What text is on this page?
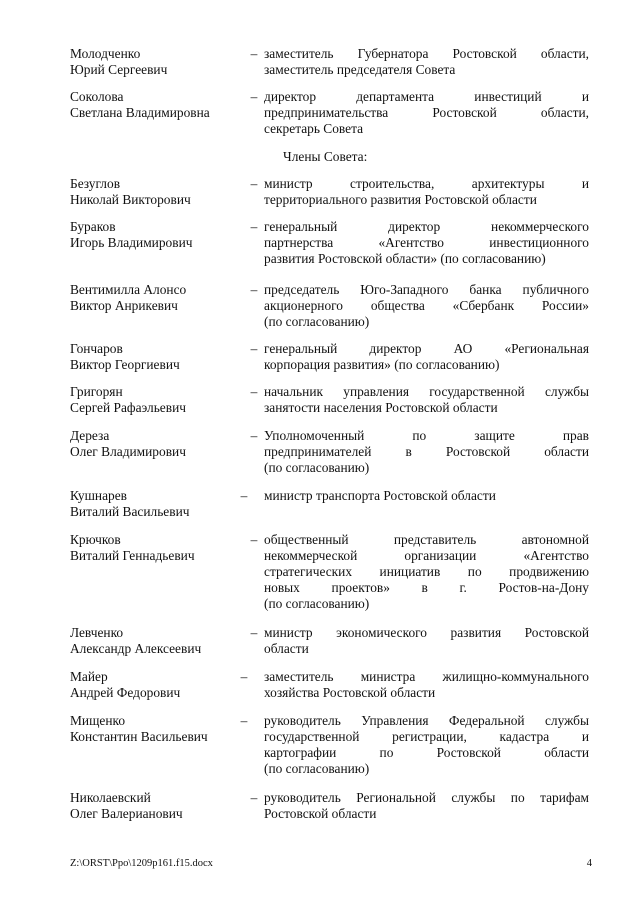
Молодченко
Юрий Сергеевич
– заместитель Губернатора Ростовской области,
заместитель председателя Совета
Соколова
Светлана Владимировна
– директор департамента инвестиций и
предпринимательства Ростовской области,
секретарь Совета
Безуглов
Николай Викторович
– министр строительства, архитектуры и
территориального развития Ростовской области
Бураков
Игорь Владимирович
– генеральный директор некоммерческого
партнерства «Агентство инвестиционного
развития Ростовской области» (по согласованию)
Вентимилла Алонсо
Виктор Анрикевич
– председатель Юго-Западного банка публичного
акционерного общества «Сбербанк России»
(по согласованию)
Гончаров
Виктор Георгиевич
– генеральный директор АО «Региональная
корпорация развития» (по согласованию)
Григорян
Сергей Рафаэльевич
– начальник управления государственной службы
занятости населения Ростовской области
Дереза
Олег Владимирович
– Уполномоченный по защите прав
предпринимателей в Ростовской области
(по согласованию)
Кушнарев
Виталий Васильевич
– министр транспорта Ростовской области
Крючков
Виталий Геннадьевич
– общественный представитель автономной
некоммерческой организации «Агентство
стратегических инициатив по продвижению
новых проектов» в г. Ростов-на-Дону
(по согласованию)
Левченко
Александр Алексеевич
– министр экономического развития Ростовской
области
Майер
Андрей Федорович
– заместитель министра жилищно-коммунального
хозяйства Ростовской области
Мищенко
Константин Васильевич
– руководитель Управления Федеральной службы
государственной регистрации, кадастра и
картографии по Ростовской области
(по согласованию)
Николаевский
Олег Валерианович
– руководитель Региональной службы по тарифам
Ростовской области
Члены Совета:
Z:\ORST\Ppo\1209p161.f15.docx	4
